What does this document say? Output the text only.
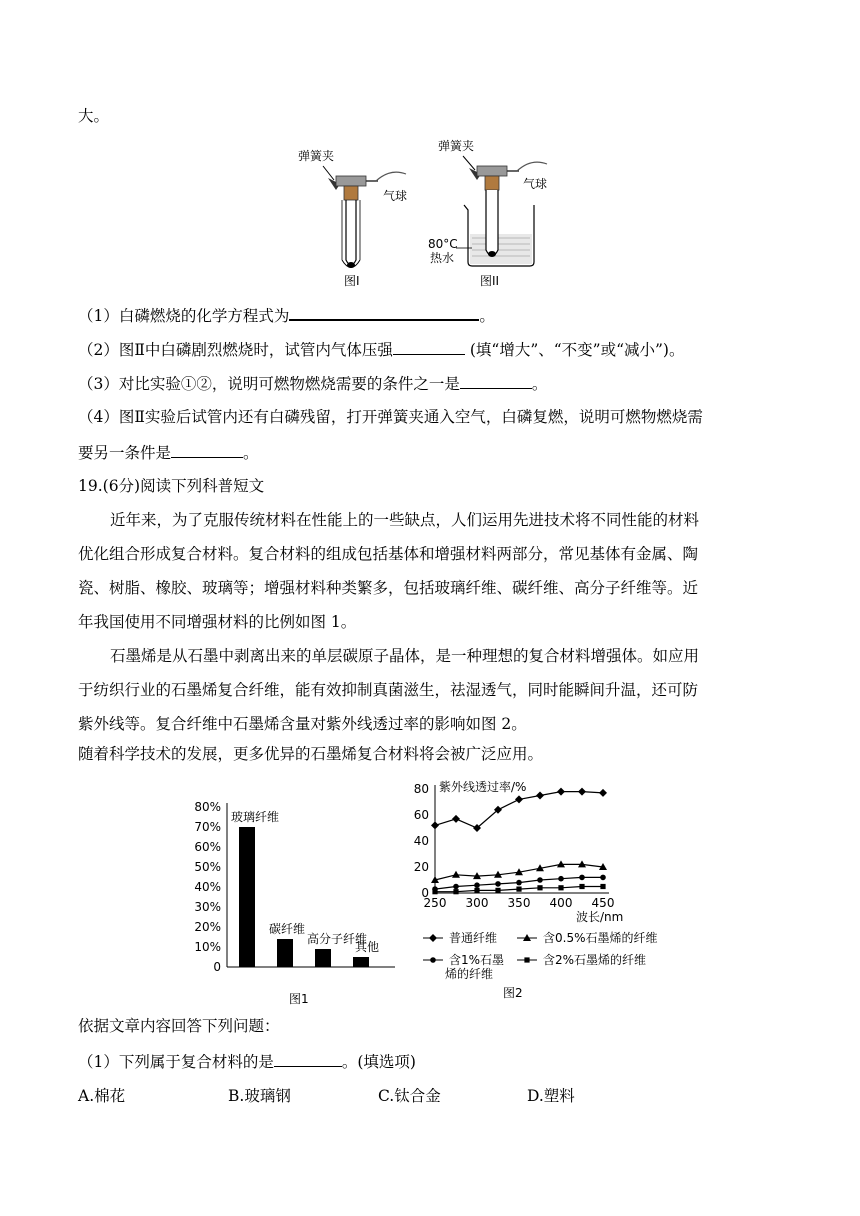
大。
弹簧夹
气球
图I
弹簧夹
气球
80°C
热水
图II
（1）白磷燃烧的化学方程式为	。
（2）图Ⅱ中白磷剧烈燃烧时，试管内气体压强	(填“增大”、“不变”或“减小”)。
（3）对比实验①②，说明可燃物燃烧需要的条件之一是	。
（4）图Ⅱ实验后试管内还有白磷残留，打开弹簧夹通入空气，白磷复燃，说明可燃物燃烧需
要另一条件是	。
19.(6分)阅读下列科普短文
近年来，为了克服传统材料在性能上的一些缺点，人们运用先进技术将不同性能的材料
优化组合形成复合材料。复合材料的组成包括基体和增强材料两部分，常见基体有金属、陶
瓷、树脂、橡胶、玻璃等；增强材料种类繁多，包括玻璃纤维、碳纤维、高分子纤维等。近
年我国使用不同增强材料的比例如图 1。
石墨烯是从石墨中剥离出来的单层碳原子晶体，是一种理想的复合材料增强体。如应用
于纺织行业的石墨烯复合纤维，能有效抑制真菌滋生，祛湿透气，同时能瞬间升温，还可防
紫外线等。复合纤维中石墨烯含量对紫外线透过率的影响如图 2。
随着科学技术的发展，更多优异的石墨烯复合材料将会被广泛应用。
0
10%
20%
30%
40%
50%
60%
70%
80%
玻璃纤维
碳纤维
高分子纤维
其他
图1
紫外线透过率/%
0
20
40
60
80
250 300 350 400 450
波长/nm
普通纤维	含0.5%石墨烯的纤维
含1%石墨
烯的纤维
含2%石墨烯的纤维
图2
依据文章内容回答下列问题：
（1）下列属于复合材料的是	。(填选项)
A.棉花	B.玻璃钢	C.钛合金	D.塑料
